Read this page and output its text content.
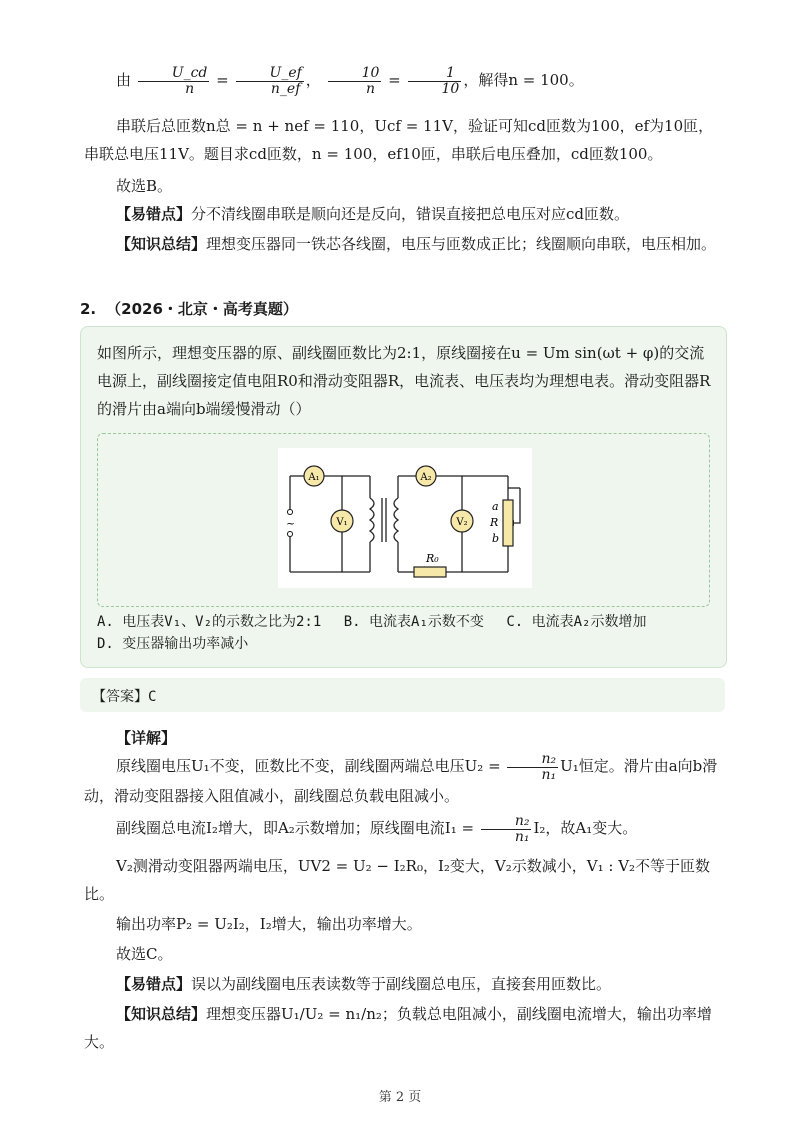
由 $\frac{U\_cd}{n} = \frac{U\_ef}{n\_ef}$ ， $\frac{10}{n} = \frac{1}{10}$ ，解得n = 100。
串联后总匝数n总 = n + nef = 110，Ucf = 11V，验证可知cd匝数为100，ef为10匝，串联总电压11V。题目求cd匝数，n = 100，ef10匝，串联后电压叠加，cd匝数100。
故选B。
【易错点】分不清线圈串联是顺向还是反向，错误直接把总电压对应cd匝数。
【知识总结】理想变压器同一铁芯各线圈，电压与匝数成正比；线圈顺向串联，电压相加。
2. （2026・北京・高考真题）
如图所示，理想变压器的原、副线圈匝数比为2:1，原线圈接在u = Um sin(ωt + φ)的交流电源上，副线圈接定值电阻R0和滑动变阻器R，电流表、电压表均为理想电表。滑动变阻器R的滑片由a端向b端缓慢滑动（）
~
A₁
V₁
A₂
V₂
R₀
a
R
b
A. 电压表V₁、V₂的示数之比为2:1 B. 电流表A₁示数不变 C. 电流表A₂示数增加
D. 变压器输出功率减小
【答案】C
【详解】
原线圈电压U₁不变，匝数比不变，副线圈两端总电压$U_2 = \frac{\text{n₂}}{\text{n₁}} U_1$恒定。滑片由a向b滑动，滑动变阻器接入阻值减小，副线圈总负载电阻减小。
副线圈总电流I₂增大，即A₂示数增加；原线圈电流$I_1 = \frac{\text{n₂}}{\text{n₁}} I_2$，故A₁变大。
V₂测滑动变阻器两端电压，UV2 = U₂ − I₂R₀，I₂变大，V₂示数减小，V₁ : V₂不等于匝数比。
输出功率P₂ = U₂I₂，I₂增大，输出功率增大。
故选C。
【易错点】误以为副线圈电压表读数等于副线圈总电压，直接套用匝数比。
【知识总结】理想变压器U₁/U₂ = n₁/n₂；负载总电阻减小，副线圈电流增大，输出功率增大。
第 2 页
